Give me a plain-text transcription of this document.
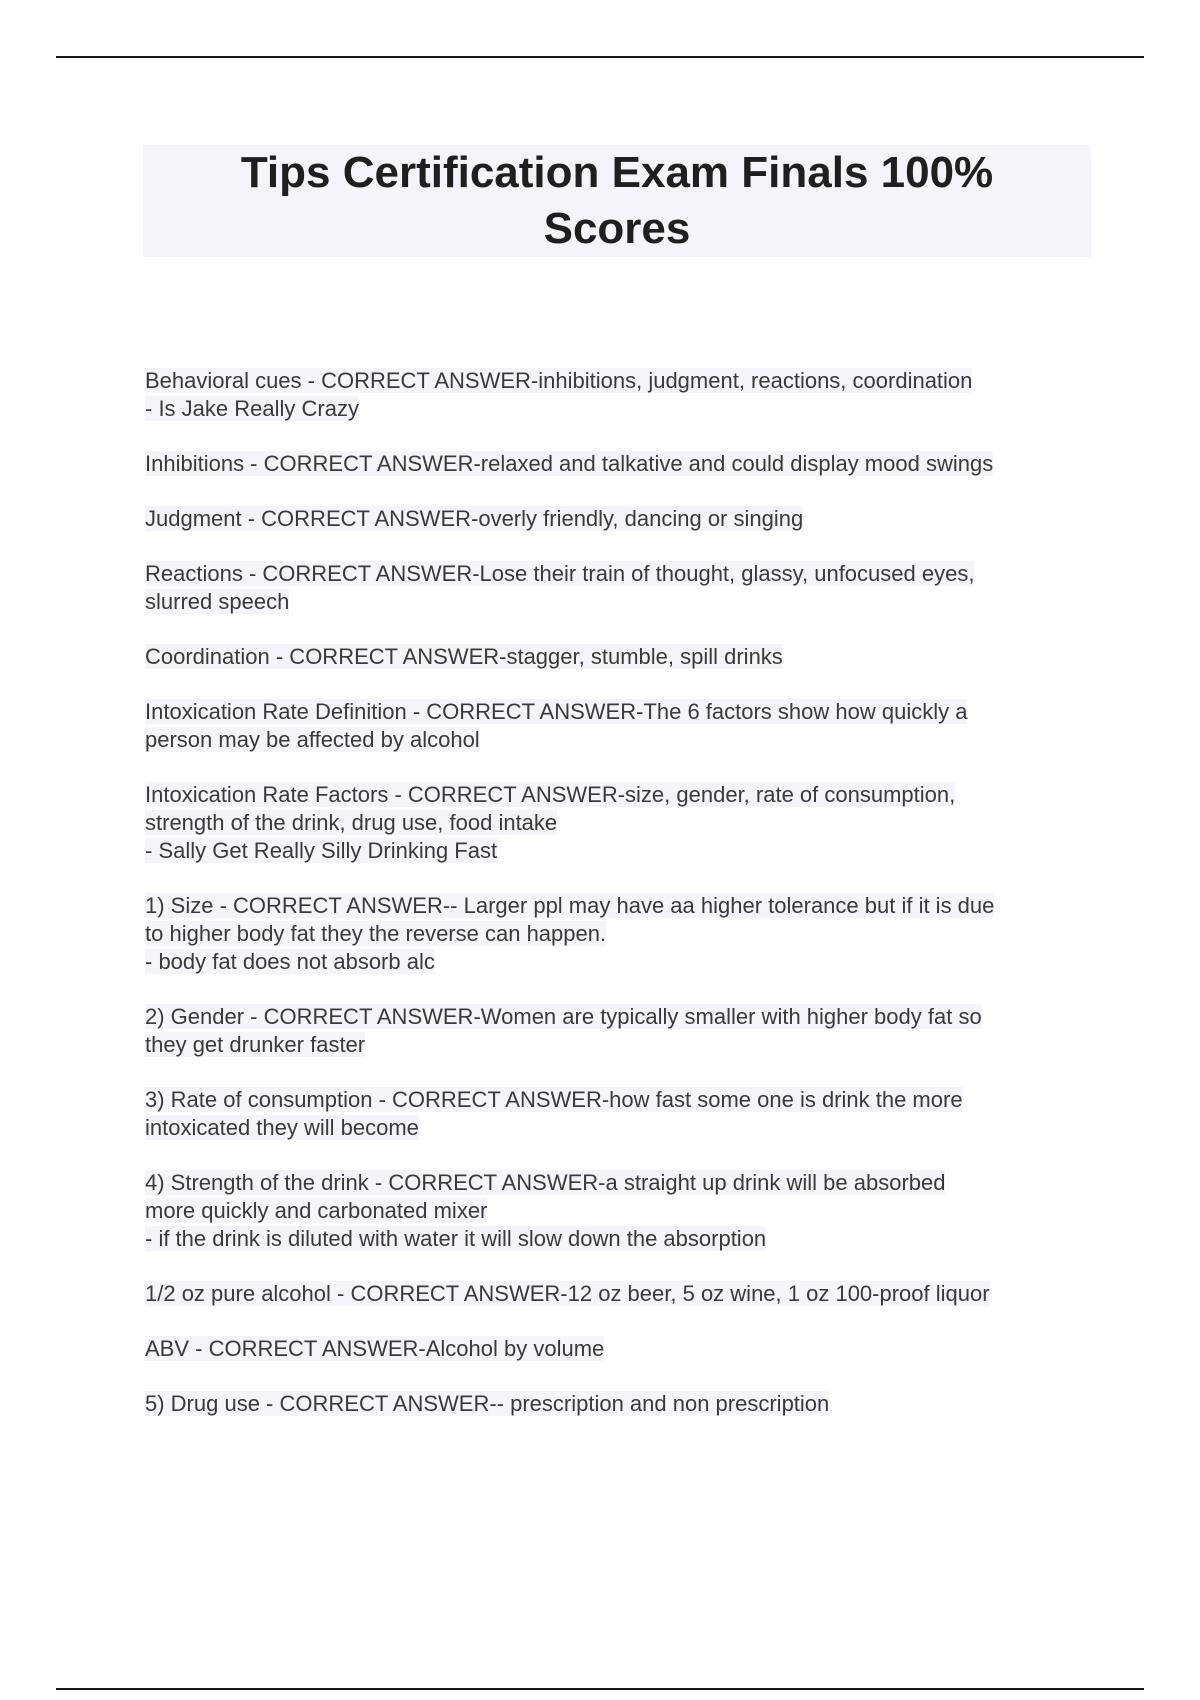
Tips Certification Exam Finals 100%
Scores
Behavioral cues - CORRECT ANSWER-inhibitions, judgment, reactions, coordination
- Is Jake Really Crazy
Inhibitions - CORRECT ANSWER-relaxed and talkative and could display mood swings
Judgment - CORRECT ANSWER-overly friendly, dancing or singing
Reactions - CORRECT ANSWER-Lose their train of thought, glassy, unfocused eyes,
slurred speech
Coordination - CORRECT ANSWER-stagger, stumble, spill drinks
Intoxication Rate Definition - CORRECT ANSWER-The 6 factors show how quickly a
person may be affected by alcohol
Intoxication Rate Factors - CORRECT ANSWER-size, gender, rate of consumption,
strength of the drink, drug use, food intake
- Sally Get Really Silly Drinking Fast
1) Size - CORRECT ANSWER-- Larger ppl may have aa higher tolerance but if it is due
to higher body fat they the reverse can happen.
- body fat does not absorb alc
2) Gender - CORRECT ANSWER-Women are typically smaller with higher body fat so
they get drunker faster
3) Rate of consumption - CORRECT ANSWER-how fast some one is drink the more
intoxicated they will become
4) Strength of the drink - CORRECT ANSWER-a straight up drink will be absorbed
more quickly and carbonated mixer
- if the drink is diluted with water it will slow down the absorption
1/2 oz pure alcohol - CORRECT ANSWER-12 oz beer, 5 oz wine, 1 oz 100-proof liquor
ABV - CORRECT ANSWER-Alcohol by volume
5) Drug use - CORRECT ANSWER-- prescription and non prescription
